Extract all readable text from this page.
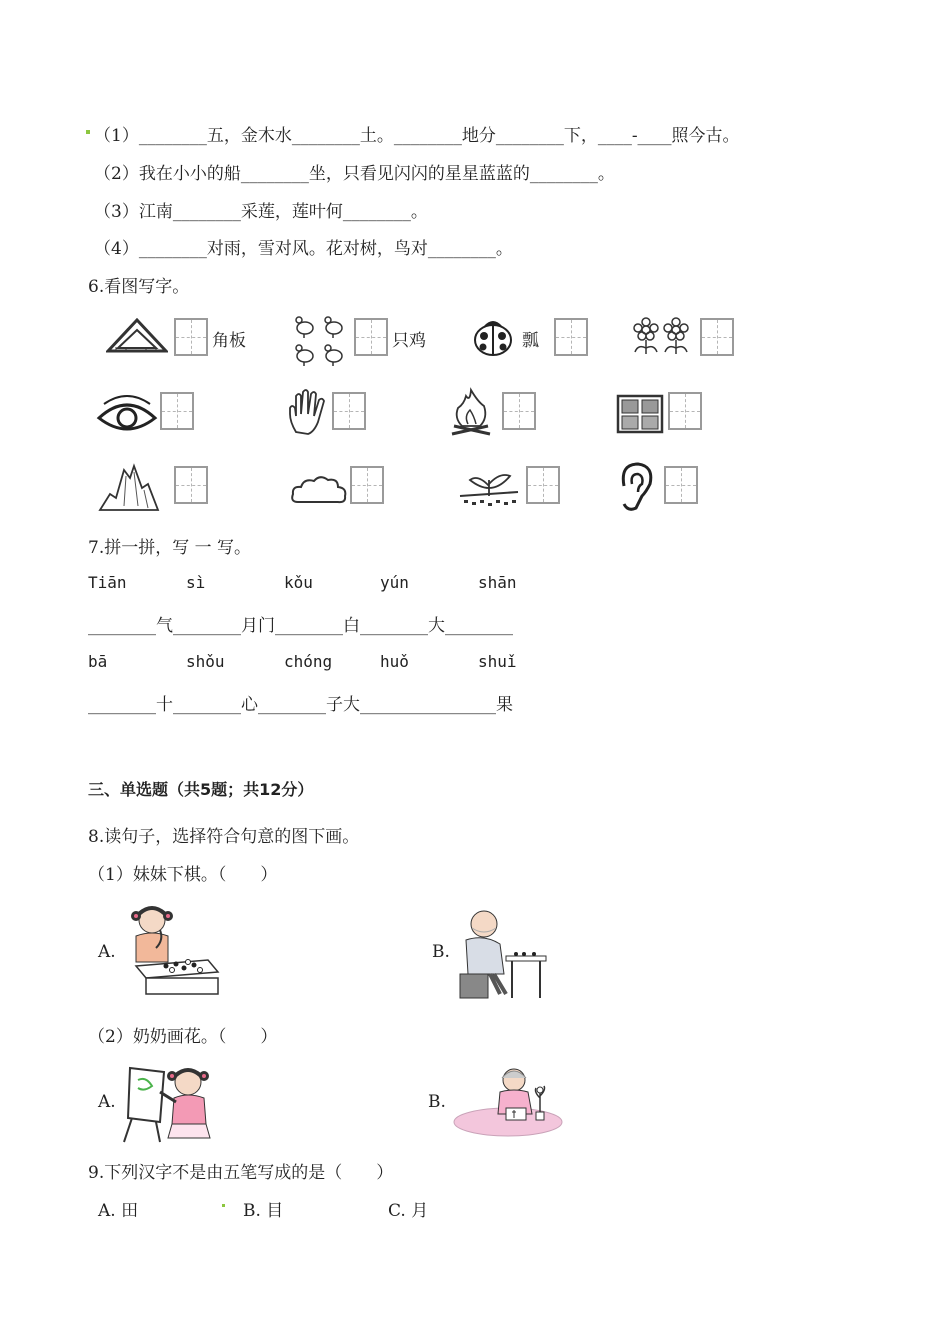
（1）________五，金木水________土。________地分________下，____-____照今古。
（2）我在小小的船________坐，只看见闪闪的星星蓝蓝的________。
（3）江南________采莲，莲叶何________。
（4）________对雨，雪对风。花对树，鸟对________。
6.看图写字。
角板	只鸡	瓢
7.拼一拼，写 一 写。
Tiān	sì	kǒu	yún	shān
________气________月门________白________大________
bā	shǒu	chóng	huǒ	shuǐ
________十________心________子大________________果
三、单选题（共5题；共12分）
8.读句子，选择符合句意的图下画。
（1）妹妹下棋。（　　）
A.	B.
（2）奶奶画花。（　　）
A.	B.
9.下列汉字不是由五笔写成的是（　　）
A. 田	B. 目	C. 月
